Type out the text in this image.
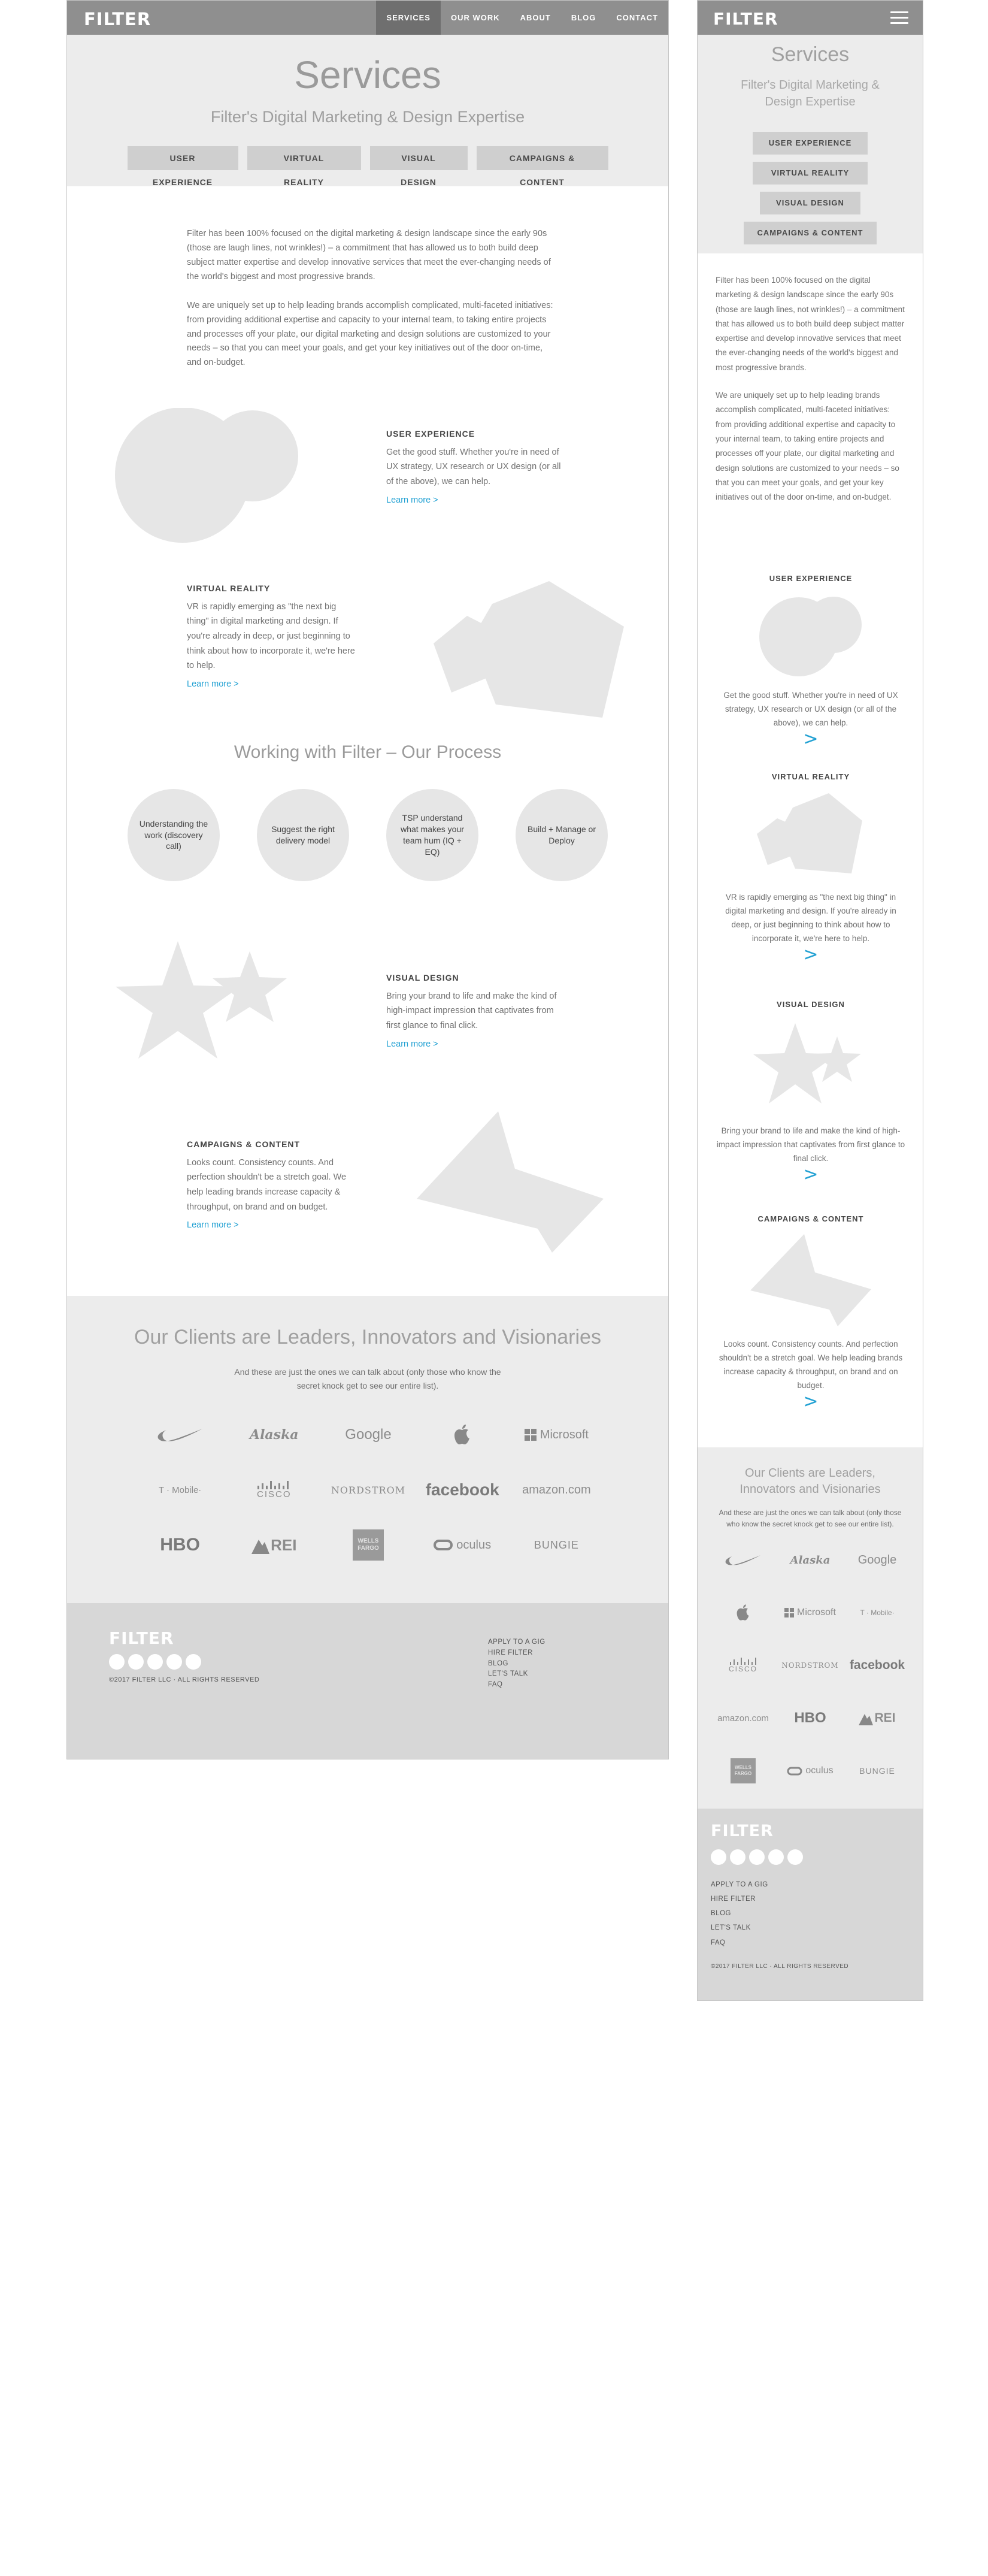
FILTER	SERVICES	OUR WORK	ABOUT	BLOG	CONTACT
Services
Filter's Digital Marketing & Design Expertise
USER EXPERIENCE
VIRTUAL REALITY
VISUAL DESIGN
CAMPAIGNS & CONTENT

Filter has been 100% focused on the digital marketing & design landscape since the early 90s (those are laugh lines, not wrinkles!) – a commitment that has allowed us to both build deep subject matter expertise and develop innovative services that meet the ever-changing needs of the world's biggest and most progressive brands.

We are uniquely set up to help leading brands accomplish complicated, multi-faceted initiatives: from providing additional expertise and capacity to your internal team, to taking entire projects and processes off your plate, our digital marketing and design solutions are customized to your needs – so that you can meet your goals, and get your key initiatives out of the door on-time, and on-budget.

USER EXPERIENCE

Get the good stuff. Whether you're in need of UX strategy, UX research or UX design (or all of the above), we can help.

Learn more >
VIRTUAL REALITY

VR is rapidly emerging as "the next big thing" in digital marketing and design. If you're already in deep, or just beginning to think about how to incorporate it, we're here to help.

Learn more >
Working with Filter – Our Process
Understanding the work (discovery call)
Suggest the right delivery model
TSP understand what makes your team hum (IQ + EQ)
Build + Manage or Deploy
VISUAL DESIGN

Bring your brand to life and make the kind of high-impact impression that captivates from first glance to final click.

Learn more >
CAMPAIGNS & CONTENT

Looks count. Consistency counts. And perfection shouldn't be a stretch goal. We help leading brands increase capacity & throughput, on brand and on budget.

Learn more >
Our Clients are Leaders, Innovators and Visionaries
And these are just the ones we can talk about (only those who know the secret knock get to see our entire list).
Alaska	Google	Microsoft
T · Mobile·	CISCO	NORDSTROM	facebook	amazon.com
HBO	REI	WELLS FARGO	oculus	BUNGIE
FILTER
©2017 FILTER LLC · ALL RIGHTS RESERVED
APPLY TO A GIG
HIRE FILTER
BLOG
LET'S TALK
FAQ
FILTER
Services
Filter's Digital Marketing & Design Expertise
USER EXPERIENCE
VIRTUAL REALITY
VISUAL DESIGN
CAMPAIGNS & CONTENT

Filter has been 100% focused on the digital marketing & design landscape since the early 90s (those are laugh lines, not wrinkles!) – a commitment that has allowed us to both build deep subject matter expertise and develop innovative services that meet the ever-changing needs of the world's biggest and most progressive brands.

We are uniquely set up to help leading brands accomplish complicated, multi-faceted initiatives: from providing additional expertise and capacity to your internal team, to taking entire projects and processes off your plate, our digital marketing and design solutions are customized to your needs – so that you can meet your goals, and get your key initiatives out of the door on-time, and on-budget.

USER EXPERIENCE

Get the good stuff. Whether you're in need of UX strategy, UX research or UX design (or all of the above), we can help.

>
VIRTUAL REALITY

VR is rapidly emerging as "the next big thing" in digital marketing and design. If you're already in deep, or just beginning to think about how to incorporate it, we're here to help.

>
VISUAL DESIGN

Bring your brand to life and make the kind of high-impact impression that captivates from first glance to final click.

>
CAMPAIGNS & CONTENT

Looks count. Consistency counts. And perfection shouldn't be a stretch goal. We help leading brands increase capacity & throughput, on brand and on budget.

>
Our Clients are Leaders, Innovators and Visionaries
And these are just the ones we can talk about (only those who know the secret knock get to see our entire list).
Alaska	Google
Microsoft	T · Mobile·
CISCO	NORDSTROM facebook
amazon.com	HBO	REI
WELLS FARGO	oculus	BUNGIE
FILTER
APPLY TO A GIG
HIRE FILTER
BLOG
LET'S TALK
FAQ
©2017 FILTER LLC · ALL RIGHTS RESERVED
